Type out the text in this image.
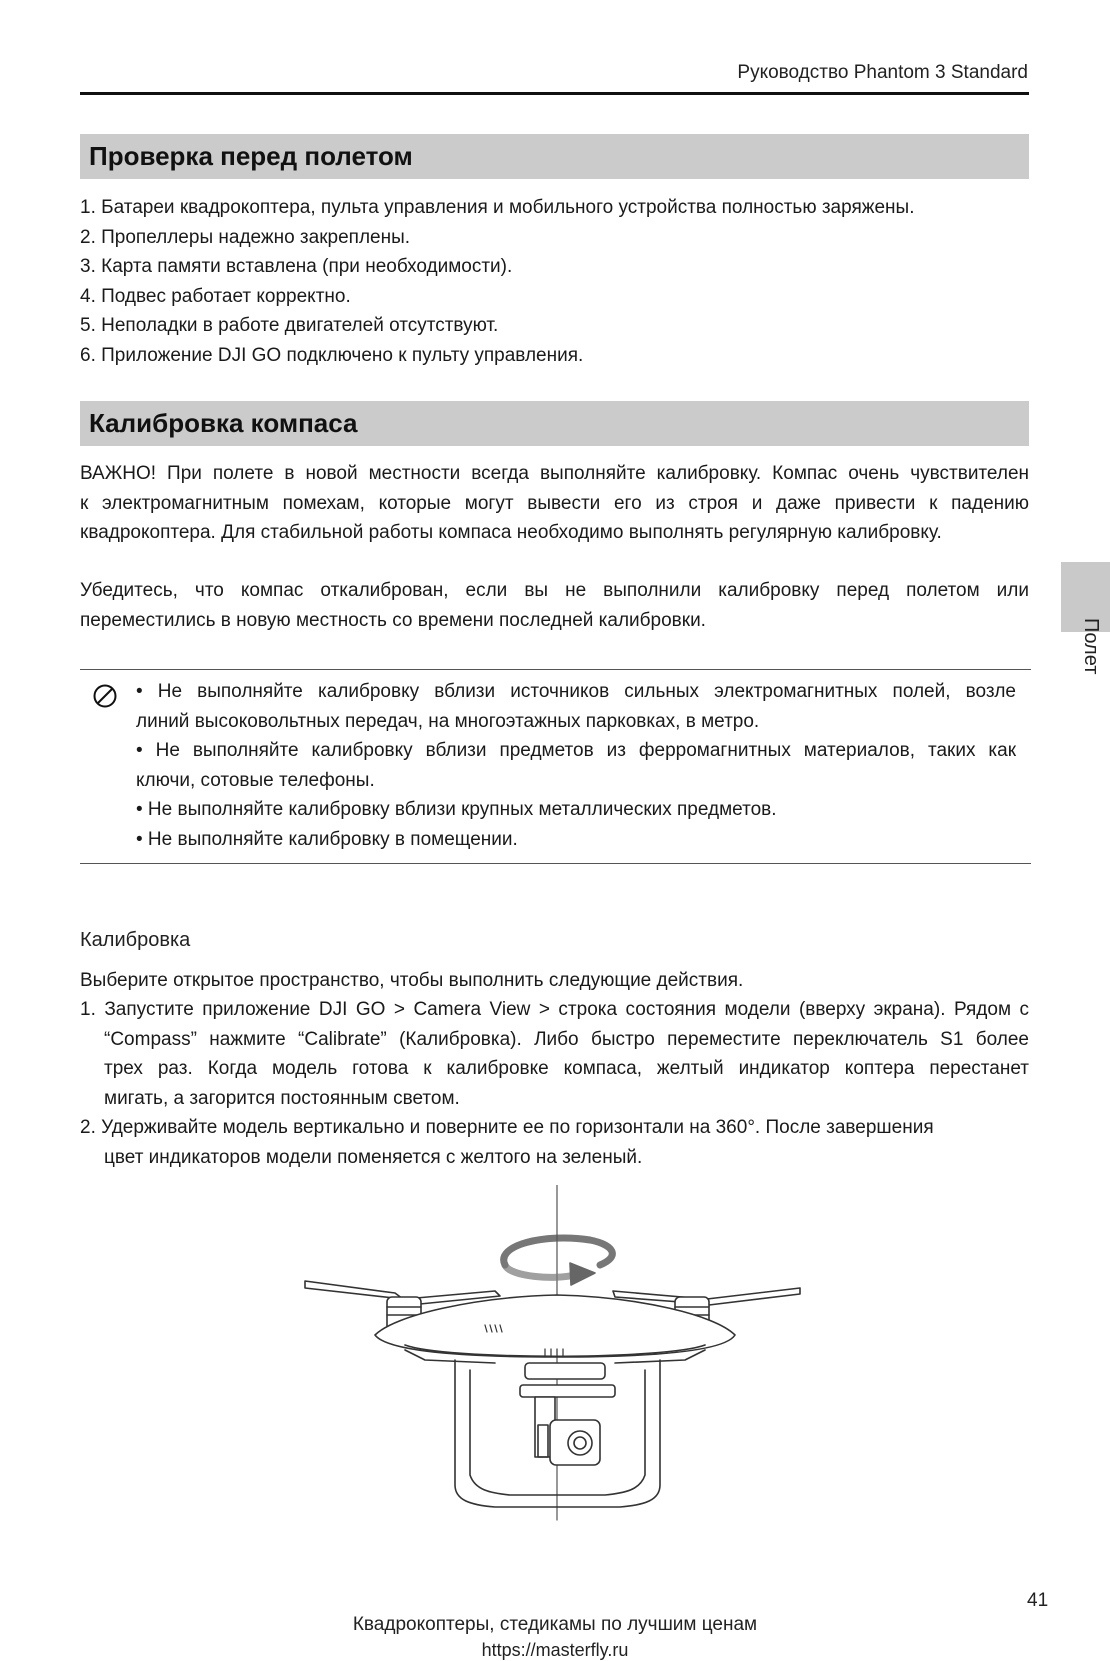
Руководство Phantom 3 Standard
Проверка перед полетом
1. Батареи квадрокоптера, пульта управления и мобильного устройства полностью заряжены.
2. Пропеллеры надежно закреплены.
3. Карта памяти вставлена (при необходимости).
4. Подвес работает корректно.
5. Неполадки в работе двигателей отсутствуют.
6. Приложение DJI GO подключено к пульту управления.
Калибровка компаса
ВАЖНО! При полете в новой местности всегда выполняйте калибровку. Компас очень чувствителен
к электромагнитным помехам, которые могут вывести его из строя и даже привести к падению
квадрокоптера. Для стабильной работы компаса необходимо выполнять регулярную калибровку.
Убедитесь, что компас откалиброван, если вы не выполнили калибровку перед полетом или
переместились в новую местность со времени последней калибровки.
• Не выполняйте калибровку вблизи источников сильных электромагнитных полей, возле
линий высоковольтных передач, на многоэтажных парковках, в метро.
• Не выполняйте калибровку вблизи предметов из ферромагнитных материалов, таких как
ключи, сотовые телефоны.
• Не выполняйте калибровку вблизи крупных металлических предметов.
• Не выполняйте калибровку в помещении.
Калибровка
Выберите открытое пространство, чтобы выполнить следующие действия.
1. Запустите приложение DJI GO > Camera View > строка состояния модели (вверху экрана). Рядом с
“Compass” нажмите “Calibrate” (Калибровка). Либо быстро переместите переключатель S1 более
трех раз. Когда модель готова к калибровке компаса, желтый индикатор коптера перестанет
мигать, а загорится постоянным светом.
2. Удерживайте модель вертикально и поверните ее по горизонтали на 360°. После завершения
цвет индикаторов модели поменяется с желтого на зеленый.
Полет
Квадрокоптеры, стедикамы по лучшим ценам
https://masterfly.ru
41
